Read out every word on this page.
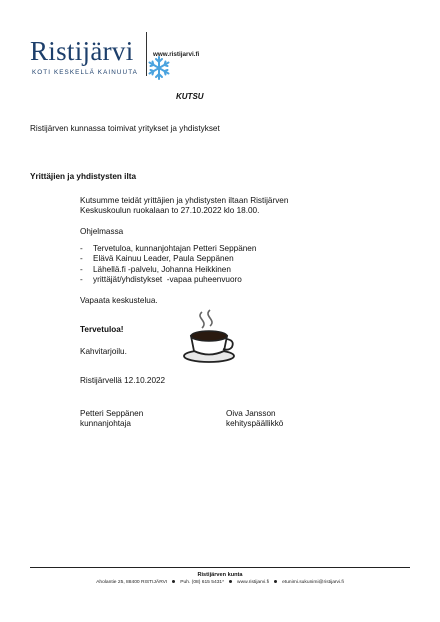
Ristijärvi
KOTI KESKELLÄ KAINUUTA
www.ristijarvi.fi
KUTSU
Ristijärven kunnassa toimivat yritykset ja yhdistykset
Yrittäjien ja yhdistysten ilta
Kutsumme teidät yrittäjien ja yhdistysten iltaan Ristijärven
Keskuskoulun ruokalaan to 27.10.2022 klo 18.00.
Ohjelmassa
- Tervetuloa, kunnanjohtajan Petteri Seppänen
- Elävä Kainuu Leader, Paula Seppänen
- Lähellä.fi -palvelu, Johanna Heikkinen
- yrittäjät/yhdistykset  -vapaa puheenvuoro
Vapaata keskustelua.
Tervetuloa!
Kahvitarjoilu.
Ristijärvellä 12.10.2022
Petteri Seppänen
kunnanjohtaja
Oiva Jansson
kehityspäällikkö
Ristijärven kunta
Aholantie 25, 88400 RISTIJÄRVI	Puh. (08) 615 5431*	www.ristijarvi.fi	etunimi.sukunimi@ristijarvi.fi
